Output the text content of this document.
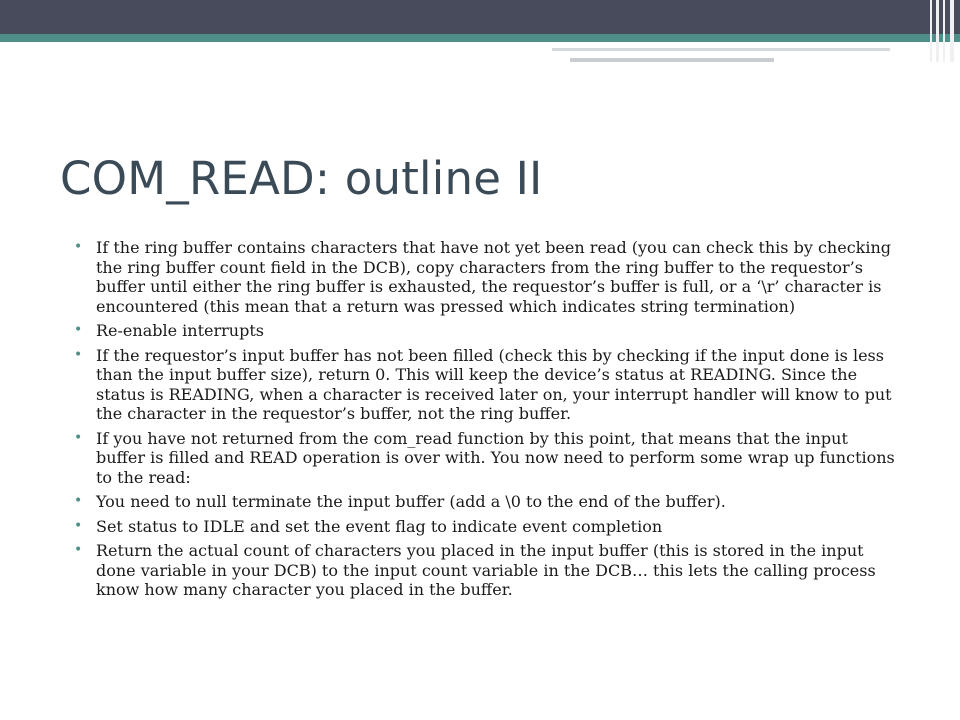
COM_READ: outline II
• If the ring buffer contains characters that have not yet been read (you can check this by checking the ring buffer count field in the DCB), copy characters from the ring buffer to the requestor’s buffer until either the ring buffer is exhausted, the requestor’s buffer is full, or a ‘\r’ character is encountered (this mean that a return was pressed which indicates string termination)
• Re-enable interrupts
• If the requestor’s input buffer has not been filled (check this by checking if the input done is less than the input buffer size), return 0. This will keep the device’s status at READING. Since the status is READING, when a character is received later on, your interrupt handler will know to put the character in the requestor’s buffer, not the ring buffer.
• If you have not returned from the com_read function by this point, that means that the input buffer is filled and READ operation is over with. You now need to perform some wrap up functions to the read:
• You need to null terminate the input buffer (add a \0 to the end of the buffer).
• Set status to IDLE and set the event flag to indicate event completion
• Return the actual count of characters you placed in the input buffer (this is stored in the input done variable in your DCB) to the input count variable in the DCB… this lets the calling process know how many character you placed in the buffer.
